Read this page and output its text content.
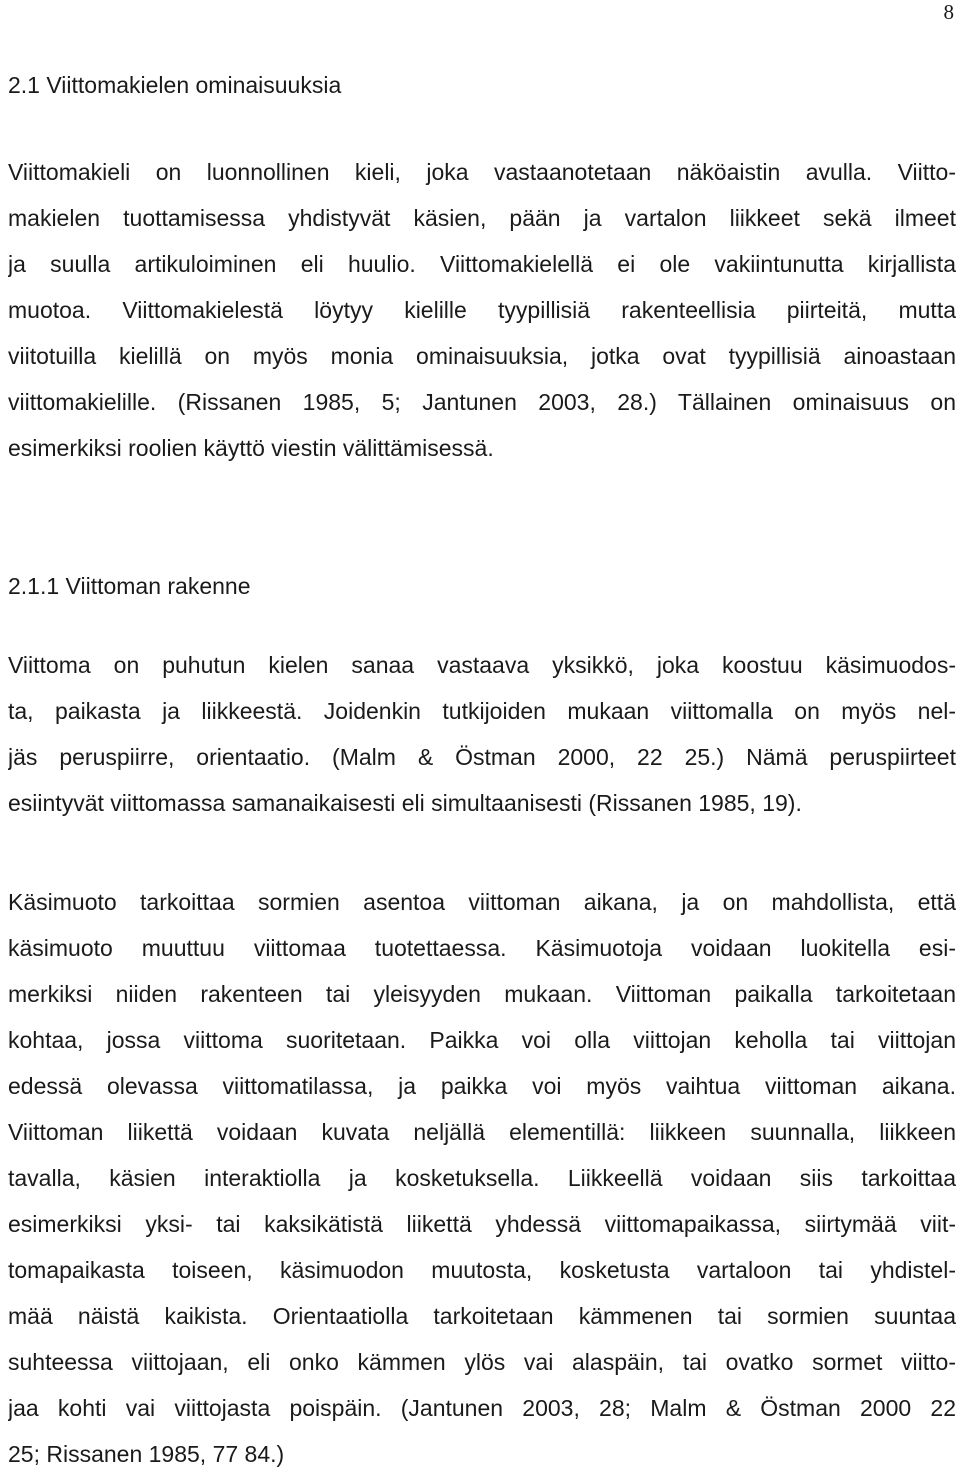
8
2.1 Viittomakielen ominaisuuksia
Viittomakieli on luonnollinen kieli, joka vastaanotetaan näköaistin avulla. Viitto-
makielen tuottamisessa yhdistyvät käsien, pään ja vartalon liikkeet sekä ilmeet
ja suulla artikuloiminen eli huulio. Viittomakielellä ei ole vakiintunutta kirjallista
muotoa. Viittomakielestä löytyy kielille tyypillisiä rakenteellisia piirteitä, mutta
viitotuilla kielillä on myös monia ominaisuuksia, jotka ovat tyypillisiä ainoastaan
viittomakielille. (Rissanen 1985, 5; Jantunen 2003, 28.) Tällainen ominaisuus on
esimerkiksi roolien käyttö viestin välittämisessä.
2.1.1 Viittoman rakenne
Viittoma on puhutun kielen sanaa vastaava yksikkö, joka koostuu käsimuodos-
ta, paikasta ja liikkeestä. Joidenkin tutkijoiden mukaan viittomalla on myös nel-
jäs peruspiirre, orientaatio. (Malm & Östman 2000, 22 25.) Nämä peruspiirteet
esiintyvät viittomassa samanaikaisesti eli simultaanisesti (Rissanen 1985, 19).
Käsimuoto tarkoittaa sormien asentoa viittoman aikana, ja on mahdollista, että
käsimuoto muuttuu viittomaa tuotettaessa. Käsimuotoja voidaan luokitella esi-
merkiksi niiden rakenteen tai yleisyyden mukaan. Viittoman paikalla tarkoitetaan
kohtaa, jossa viittoma suoritetaan. Paikka voi olla viittojan keholla tai viittojan
edessä olevassa viittomatilassa, ja paikka voi myös vaihtua viittoman aikana.
Viittoman liikettä voidaan kuvata neljällä elementillä: liikkeen suunnalla, liikkeen
tavalla, käsien interaktiolla ja kosketuksella. Liikkeellä voidaan siis tarkoittaa
esimerkiksi yksi- tai kaksikätistä liikettä yhdessä viittomapaikassa, siirtymää viit-
tomapaikasta toiseen, käsimuodon muutosta, kosketusta vartaloon tai yhdistel-
mää näistä kaikista. Orientaatiolla tarkoitetaan kämmenen tai sormien suuntaa
suhteessa viittojaan, eli onko kämmen ylös vai alaspäin, tai ovatko sormet viitto-
jaa kohti vai viittojasta poispäin. (Jantunen 2003, 28; Malm & Östman 2000 22
25; Rissanen 1985, 77 84.)
